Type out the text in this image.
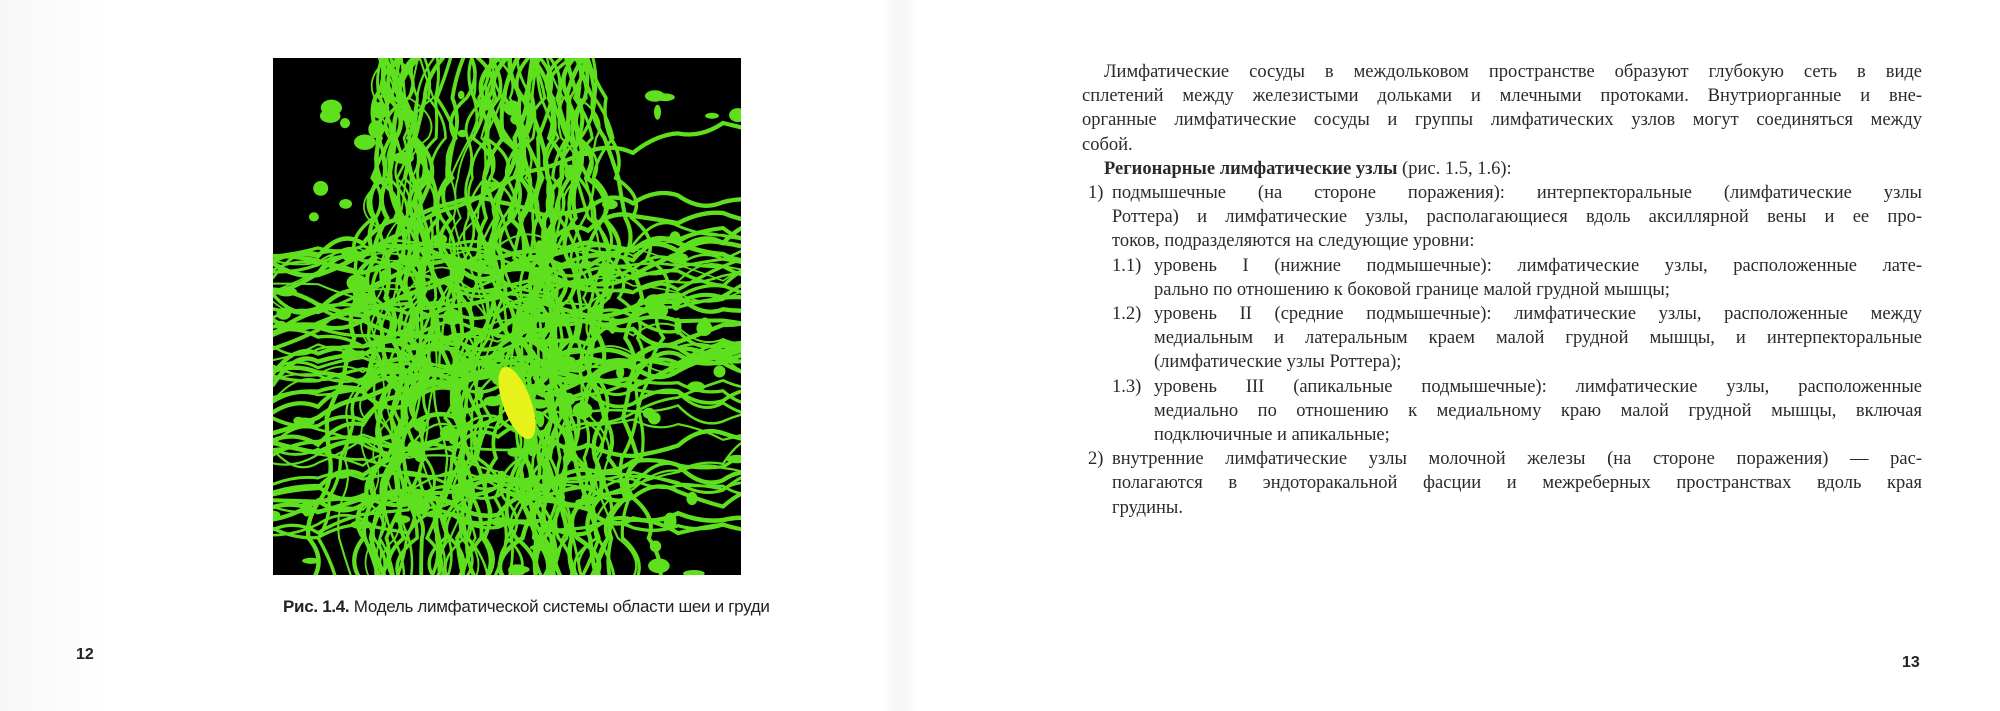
Рис. 1.4. Модель лимфатической системы области шеи и груди
12

Лимфатические сосуды в междольковом пространстве образуют глубокую сеть в виде
сплетений между железистыми дольками и млечными протоками. Внутриорганные и вне-
органные лимфатические сосуды и группы лимфатических узлов могут соединяться между
собой.

Регионарные лимфатические узлы (рис. 1.5, 1.6):
1) подмышечные (на стороне поражения): интерпекторальные (лимфатические узлы
Роттера) и лимфатические узлы, располагающиеся вдоль аксиллярной вены и ее про-
токов, подразделяются на следующие уровни:
1.1) уровень I (нижние подмышечные): лимфатические узлы, расположенные лате-
рально по отношению к боковой границе малой грудной мышцы;
1.2) уровень II (средние подмышечные): лимфатические узлы, расположенные между
медиальным и латеральным краем малой грудной мышцы, и интерпекторальные
(лимфатические узлы Роттера);
1.3) уровень III (апикальные подмышечные): лимфатические узлы, расположенные
медиально по отношению к медиальному краю малой грудной мышцы, включая
подключичные и апикальные;
2) внутренние лимфатические узлы молочной железы (на стороне поражения) — рас-
полагаются в эндоторакальной фасции и межреберных пространствах вдоль края
грудины.
13
